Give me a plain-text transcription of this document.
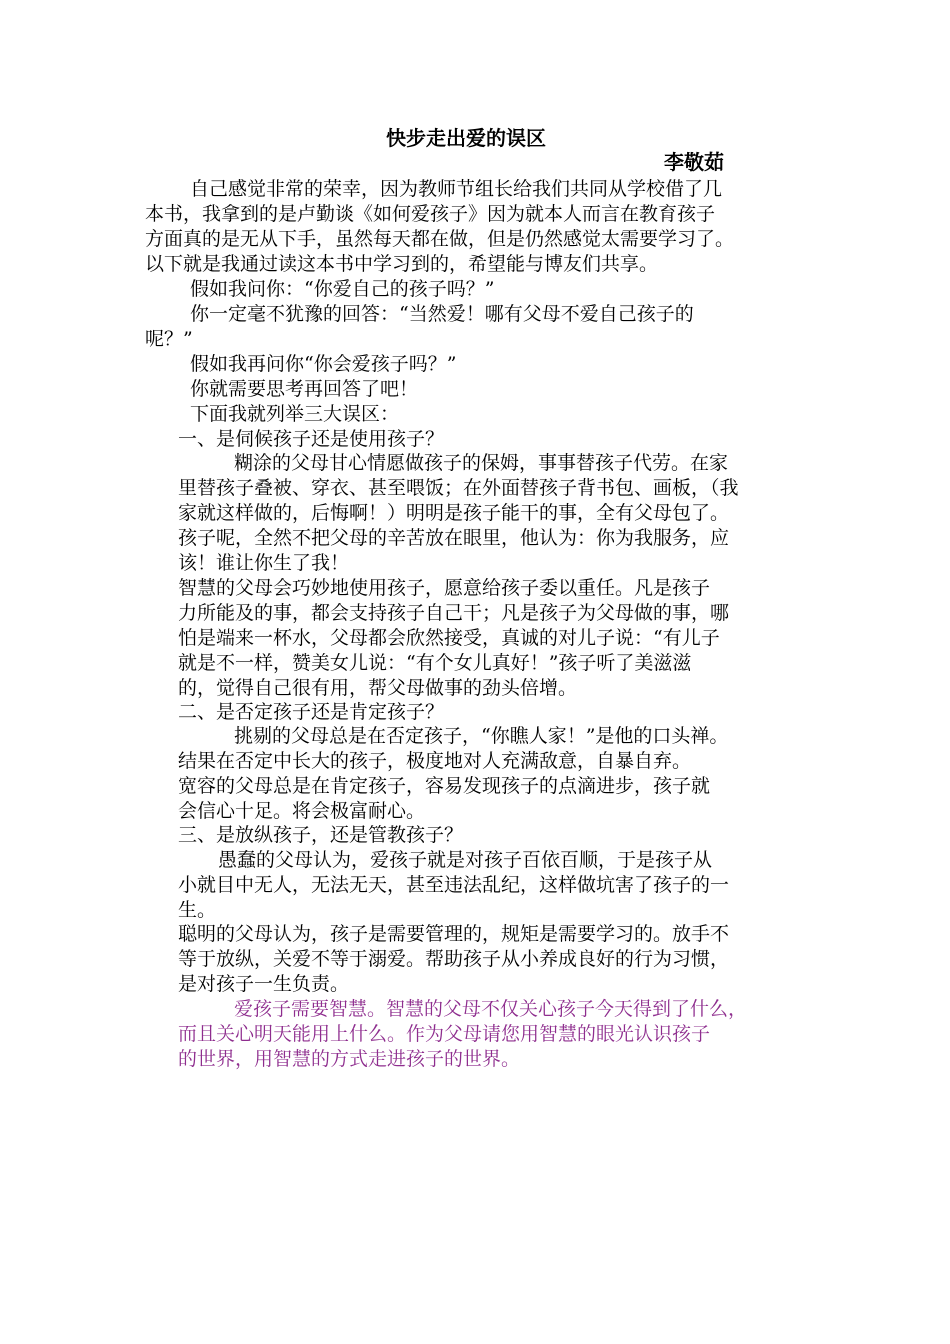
快步走出爱的误区
李敬茹
自己感觉非常的荣幸，因为教师节组长给我们共同从学校借了几
本书，我拿到的是卢勤谈《如何爱孩子》因为就本人而言在教育孩子
方面真的是无从下手，虽然每天都在做，但是仍然感觉太需要学习了。
以下就是我通过读这本书中学习到的，希望能与博友们共享。
假如我问你：“你爱自己的孩子吗？”
你一定毫不犹豫的回答：“当然爱！哪有父母不爱自己孩子的
呢？”
假如我再问你“你会爱孩子吗？”
你就需要思考再回答了吧！
下面我就列举三大误区：
一、是伺候孩子还是使用孩子？
糊涂的父母甘心情愿做孩子的保姆，事事替孩子代劳。在家
里替孩子叠被、穿衣、甚至喂饭；在外面替孩子背书包、画板，（我
家就这样做的，后悔啊！）明明是孩子能干的事，全有父母包了。
孩子呢，全然不把父母的辛苦放在眼里，他认为：你为我服务，应
该！谁让你生了我！
智慧的父母会巧妙地使用孩子，愿意给孩子委以重任。凡是孩子
力所能及的事，都会支持孩子自己干；凡是孩子为父母做的事，哪
怕是端来一杯水，父母都会欣然接受，真诚的对儿子说：“有儿子
就是不一样，赞美女儿说：“有个女儿真好！”孩子听了美滋滋
的，觉得自己很有用，帮父母做事的劲头倍增。
二、是否定孩子还是肯定孩子？
挑剔的父母总是在否定孩子，“你瞧人家！”是他的口头禅。
结果在否定中长大的孩子，极度地对人充满敌意，自暴自弃。
宽容的父母总是在肯定孩子，容易发现孩子的点滴进步，孩子就
会信心十足。将会极富耐心。
三、是放纵孩子，还是管教孩子？
愚蠢的父母认为，爱孩子就是对孩子百依百顺，于是孩子从
小就目中无人，无法无天，甚至违法乱纪，这样做坑害了孩子的一
生。
聪明的父母认为，孩子是需要管理的，规矩是需要学习的。放手不
等于放纵，关爱不等于溺爱。帮助孩子从小养成良好的行为习惯，
是对孩子一生负责。
爱孩子需要智慧。智慧的父母不仅关心孩子今天得到了什么，
而且关心明天能用上什么。作为父母请您用智慧的眼光认识孩子
的世界，用智慧的方式走进孩子的世界。
